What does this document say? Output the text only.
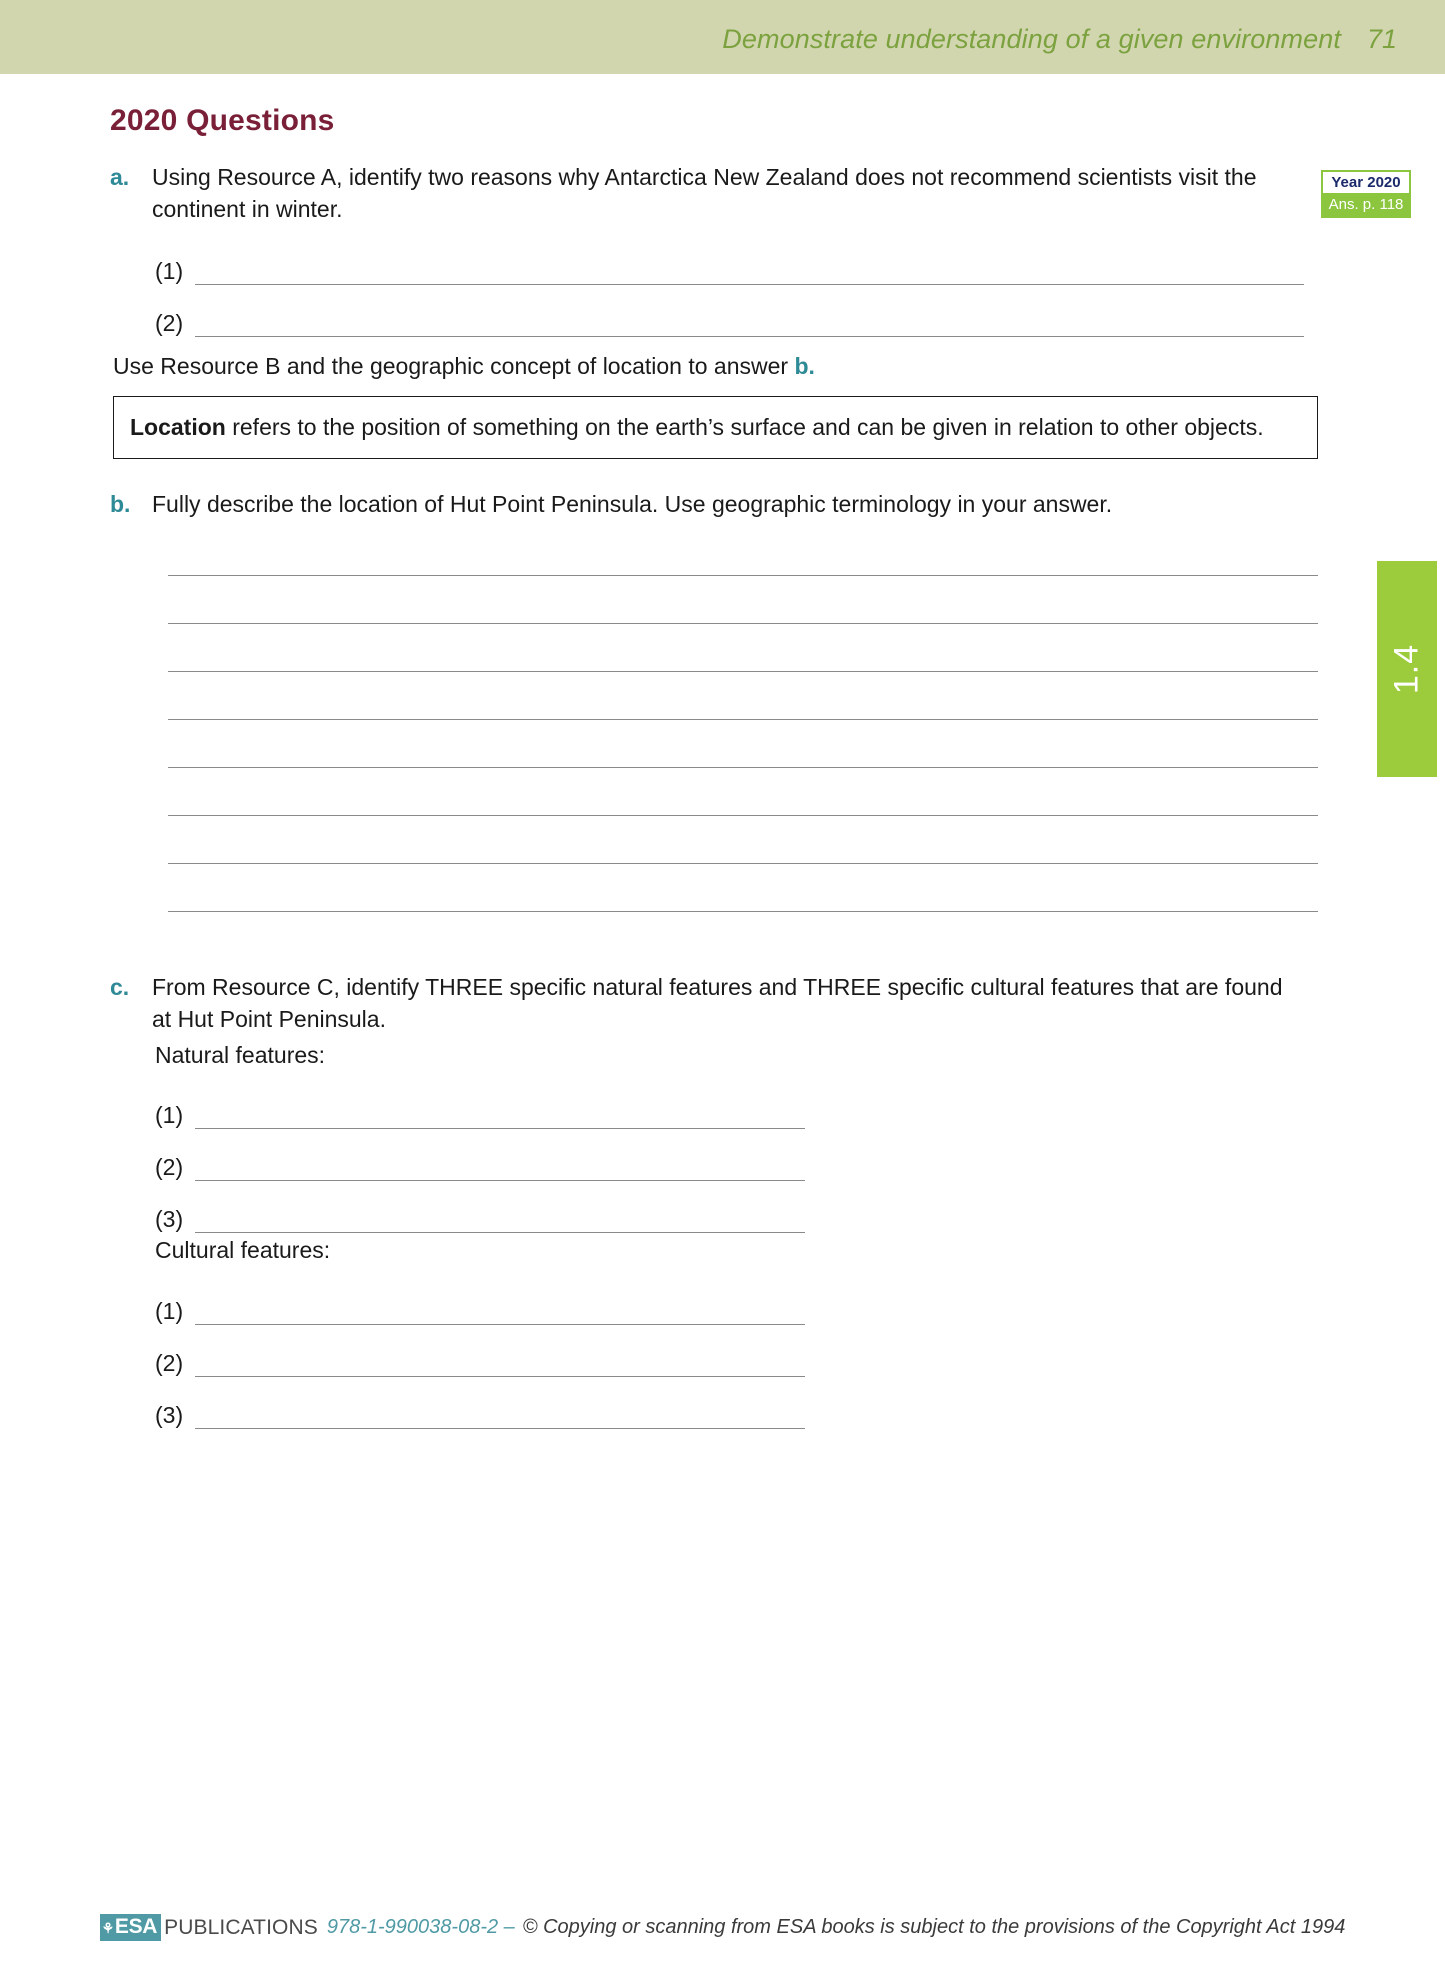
Demonstrate understanding of a given environment 71
1.4
2020 Questions
Year 2020
Ans. p. 118
a. Using Resource A, identify two reasons why Antarctica New Zealand does not recommend scientists visit the continent in winter.
(1)
(2)
Use Resource B and the geographic concept of location to answer b.
Location refers to the position of something on the earth’s surface and can be given in relation to other objects.
b. Fully describe the location of Hut Point Peninsula. Use geographic terminology in your answer.
c. From Resource C, identify THREE specific natural features and THREE specific cultural features that are found at Hut Point Peninsula.
Natural features:
(1)
(2)
(3)
Cultural features:
(1)
(2)
(3)
⚘ ESA PUBLICATIONS 978-1-990038-08-2 – © Copying or scanning from ESA books is subject to the provisions of the Copyright Act 1994
